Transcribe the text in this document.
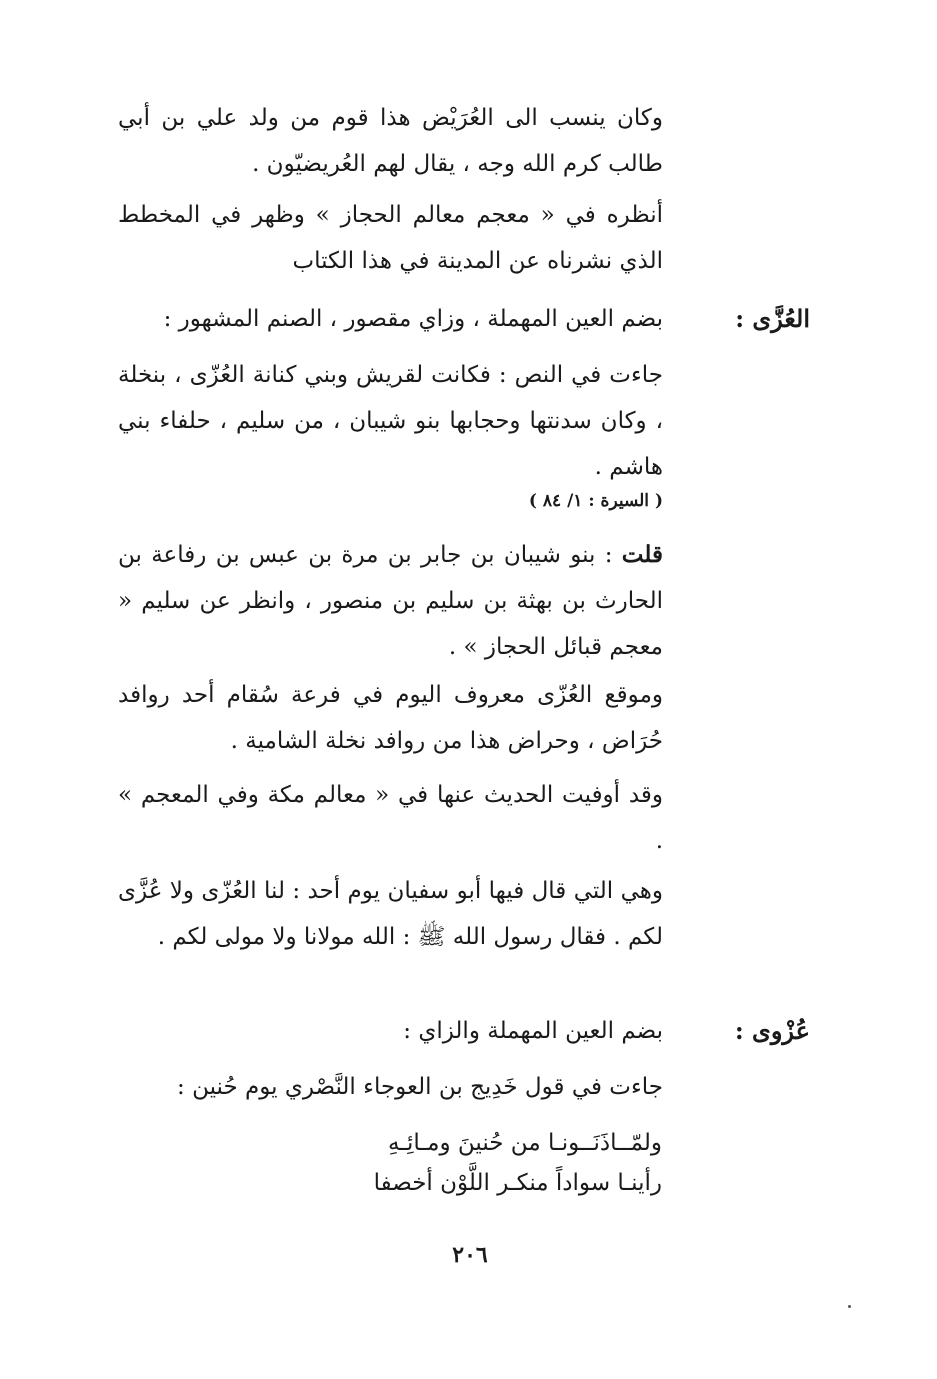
وكان ينسب الى العُرَيْض هذا قوم من ولد علي بن أبي طالب كرم الله وجه ، يقال لهم العُريضيّون .

أنظره في « معجم معالم الحجاز » وظهر في المخطط الذي نشرناه عن المدينة في هذا الكتاب

بضم العين المهملة ، وزاي مقصور ، الصنم المشهور :

جاءت في النص : فكانت لقريش وبني كنانة العُزّى ، بنخلة ، وكان سدنتها وحجابها بنو شيبان ، من سليم ، حلفاء بني هاشم .

( السيرة : ١/ ٨٤ )

قلت : بنو شيبان بن جابر بن مرة بن عبس بن رفاعة بن الحارث بن بهثة بن سليم بن منصور ، وانظر عن سليم « معجم قبائل الحجاز » .

وموقع العُزّى معروف اليوم في فرعة سُقام أحد روافد حُرَاض ، وحراض هذا من روافد نخلة الشامية .

وقد أوفيت الحديث عنها في « معالم مكة وفي المعجم » .

وهي التي قال فيها أبو سفيان يوم أحد : لنا العُزّى ولا عُزَّى لكم . فقال رسول الله ﷺ : الله مولانا ولا مولى لكم .

بضم العين المهملة والزاي :

جاءت في قول خَدِيج بن العوجاء النَّصْري يوم حُنين :

العُزَّى :
عُزْوى :
ولمّــاذَنَــونـا من حُنينَ ومـائِـهِ
رأينـا سواداً منكـر اللَّوْن أخصفا
٢٠٦
